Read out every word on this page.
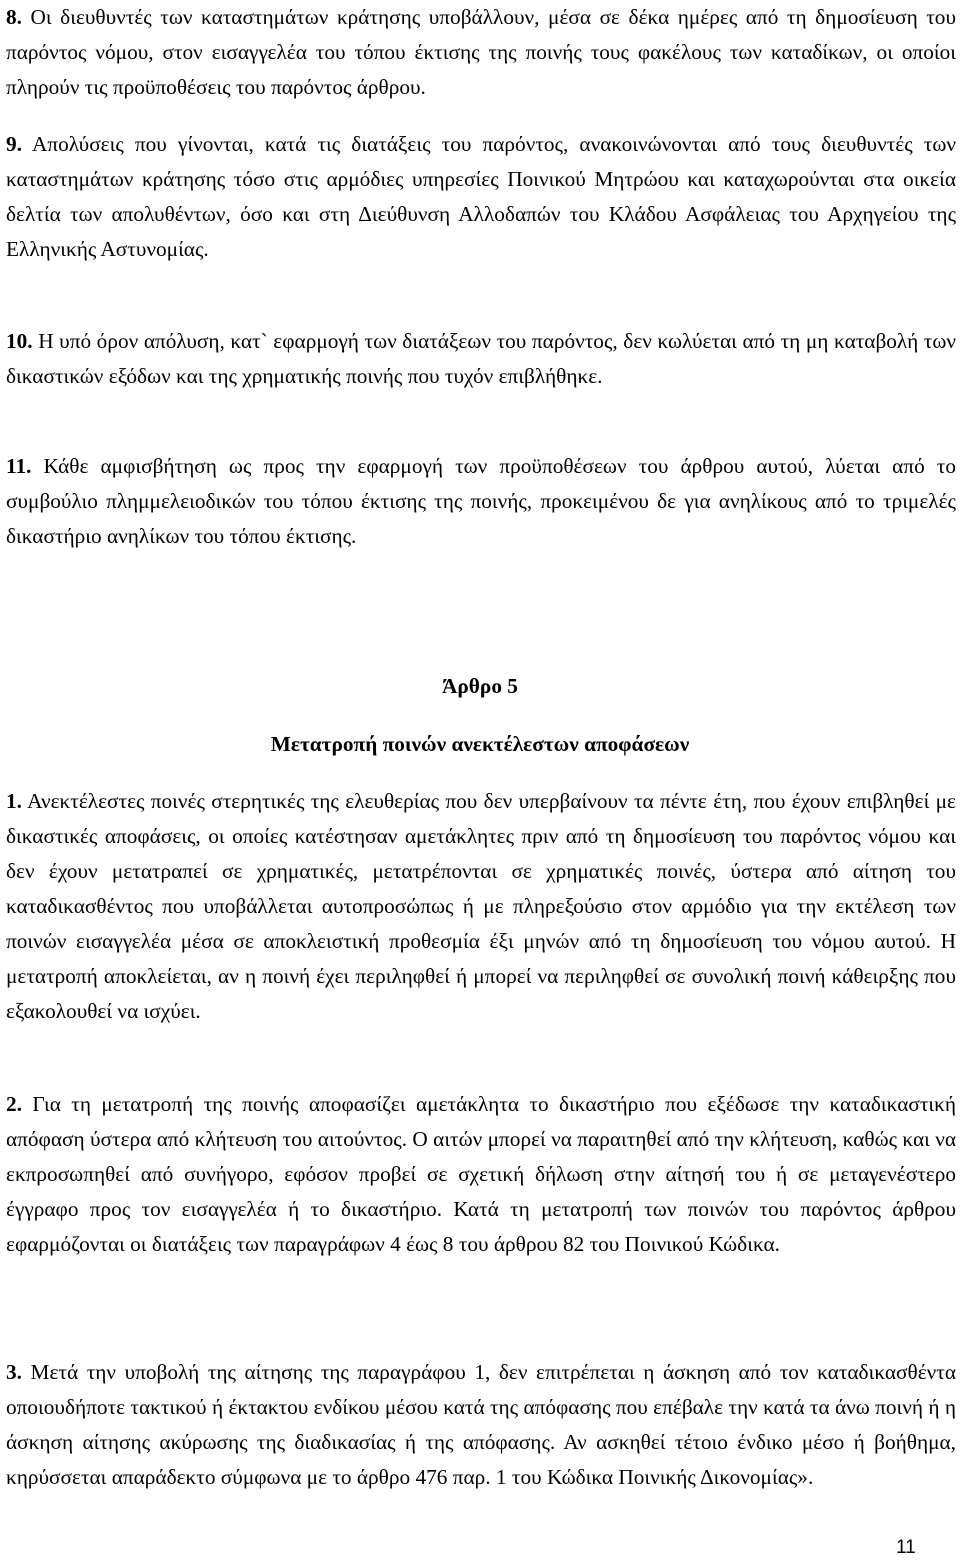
8. Οι διευθυντές των καταστημάτων κράτησης υποβάλλουν, μέσα σε δέκα ημέρες από τη δημοσίευση του παρόντος νόμου, στον εισαγγελέα του τόπου έκτισης της ποινής τους φακέλους των καταδίκων, οι οποίοι πληρούν τις προϋποθέσεις του παρόντος άρθρου.

9. Απολύσεις που γίνονται, κατά τις διατάξεις του παρόντος, ανακοινώνονται από τους διευθυντές των καταστημάτων κράτησης τόσο στις αρμόδιες υπηρεσίες Ποινικού Μητρώου και καταχωρούνται στα οικεία δελτία των απολυθέντων, όσο και στη Διεύθυνση Αλλοδαπών του Κλάδου Ασφάλειας του Αρχηγείου της Ελληνικής Αστυνομίας.

10. Η υπό όρον απόλυση, κατ` εφαρμογή των διατάξεων του παρόντος, δεν κωλύεται από τη μη καταβολή των δικαστικών εξόδων και της χρηματικής ποινής που τυχόν επιβλήθηκε.

11. Κάθε αμφισβήτηση ως προς την εφαρμογή των προϋποθέσεων του άρθρου αυτού, λύεται από το συμβούλιο πλημμελειοδικών του τόπου έκτισης της ποινής, προκειμένου δε για ανηλίκους από το τριμελές δικαστήριο ανηλίκων του τόπου έκτισης.

Άρθρο 5
Μετατροπή ποινών ανεκτέλεστων αποφάσεων

1. Ανεκτέλεστες ποινές στερητικές της ελευθερίας που δεν υπερβαίνουν τα πέντε έτη, που έχουν επιβληθεί με δικαστικές αποφάσεις, οι οποίες κατέστησαν αμετάκλητες πριν από τη δημοσίευση του παρόντος νόμου και δεν έχουν μετατραπεί σε χρηματικές, μετατρέπονται σε χρηματικές ποινές, ύστερα από αίτηση του καταδικασθέντος που υποβάλλεται αυτοπροσώπως ή με πληρεξούσιο στον αρμόδιο για την εκτέλεση των ποινών εισαγγελέα μέσα σε αποκλειστική προθεσμία έξι μηνών από τη δημοσίευση του νόμου αυτού. Η μετατροπή αποκλείεται, αν η ποινή έχει περιληφθεί ή μπορεί να περιληφθεί σε συνολική ποινή κάθειρξης που εξακολουθεί να ισχύει.

2. Για τη μετατροπή της ποινής αποφασίζει αμετάκλητα το δικαστήριο που εξέδωσε την καταδικαστική απόφαση ύστερα από κλήτευση του αιτούντος. Ο αιτών μπορεί να παραιτηθεί από την κλήτευση, καθώς και να εκπροσωπηθεί από συνήγορο, εφόσον προβεί σε σχετική δήλωση στην αίτησή του ή σε μεταγενέστερο έγγραφο προς τον εισαγγελέα ή το δικαστήριο. Κατά τη μετατροπή των ποινών του παρόντος άρθρου εφαρμόζονται οι διατάξεις των παραγράφων 4 έως 8 του άρθρου 82 του Ποινικού Κώδικα.

3. Μετά την υποβολή της αίτησης της παραγράφου 1, δεν επιτρέπεται η άσκηση από τον καταδικασθέντα οποιουδήποτε τακτικού ή έκτακτου ενδίκου μέσου κατά της απόφασης που επέβαλε την κατά τα άνω ποινή ή η άσκηση αίτησης ακύρωσης της διαδικασίας ή της απόφασης. Αν ασκηθεί τέτοιο ένδικο μέσο ή βοήθημα, κηρύσσεται απαράδεκτο σύμφωνα με το άρθρο 476 παρ. 1 του Κώδικα Ποινικής Δικονομίας».

11
